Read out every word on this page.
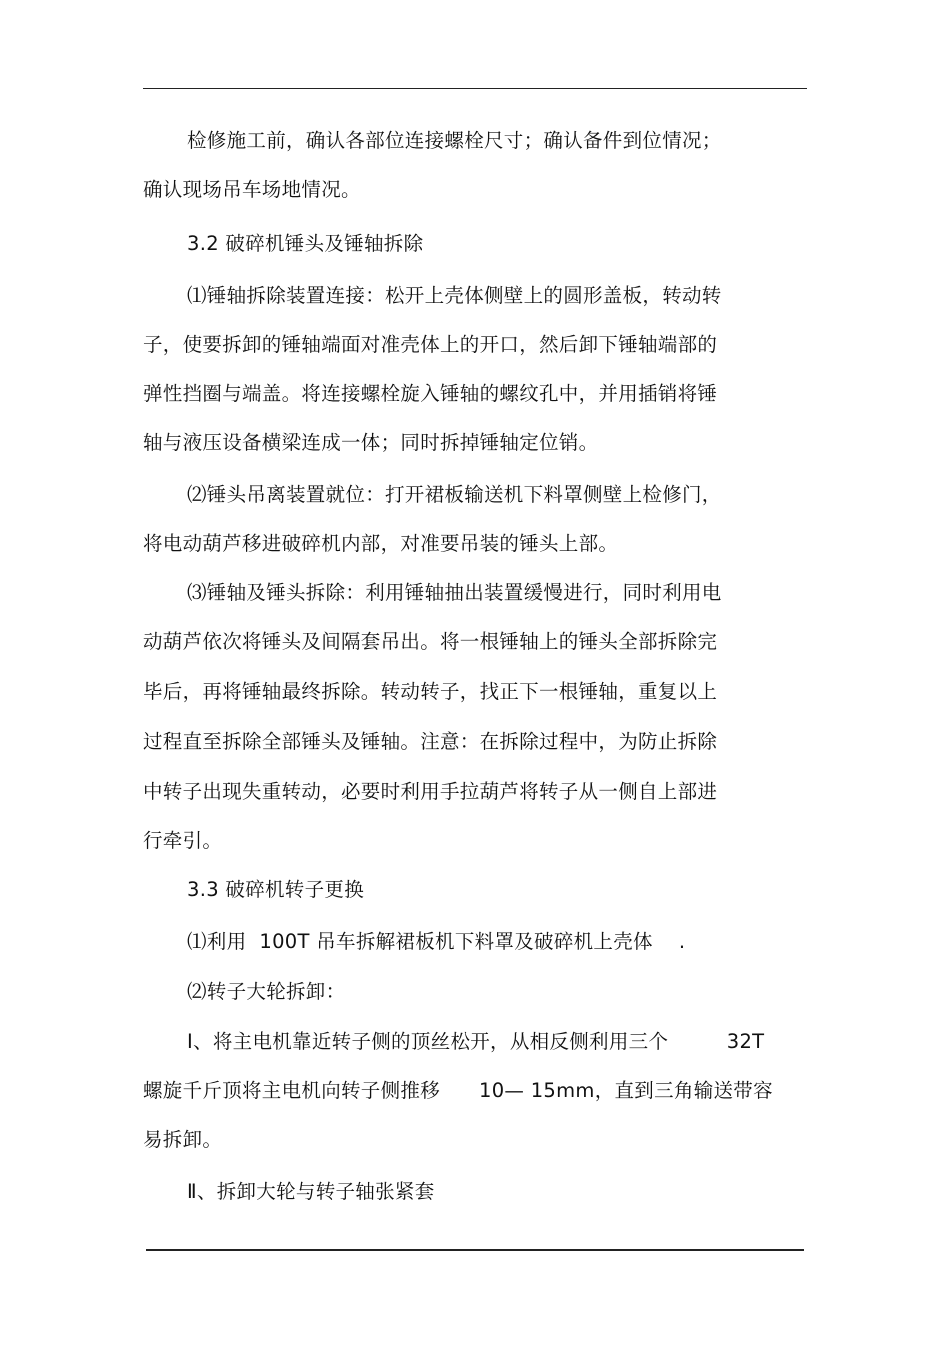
检修施工前，确认各部位连接螺栓尺寸；确认备件到位情况；
确认现场吊车场地情况。
3.2 破碎机锤头及锤轴拆除
⑴锤轴拆除装置连接：松开上壳体侧壁上的圆形盖板，转动转
子，使要拆卸的锤轴端面对准壳体上的开口，然后卸下锤轴端部的
弹性挡圈与端盖。将连接螺栓旋入锤轴的螺纹孔中，并用插销将锤
轴与液压设备横梁连成一体；同时拆掉锤轴定位销。
⑵锤头吊离装置就位：打开裙板输送机下料罩侧壁上检修门，
将电动葫芦移进破碎机内部，对准要吊装的锤头上部。
⑶锤轴及锤头拆除：利用锤轴抽出装置缓慢进行，同时利用电
动葫芦依次将锤头及间隔套吊出。将一根锤轴上的锤头全部拆除完
毕后，再将锤轴最终拆除。转动转子，找正下一根锤轴，重复以上
过程直至拆除全部锤头及锤轴。注意：在拆除过程中，为防止拆除
中转子出现失重转动，必要时利用手拉葫芦将转子从一侧自上部进
行牵引。
3.3 破碎机转子更换
⑴利用  100T 吊车拆解裙板机下料罩及破碎机上壳体    .
⑵转子大轮拆卸：
Ⅰ、将主电机靠近转子侧的顶丝松开，从相反侧利用三个         32T
螺旋千斤顶将主电机向转子侧推移      10— 15mm，直到三角输送带容
易拆卸。
Ⅱ、拆卸大轮与转子轴张紧套
